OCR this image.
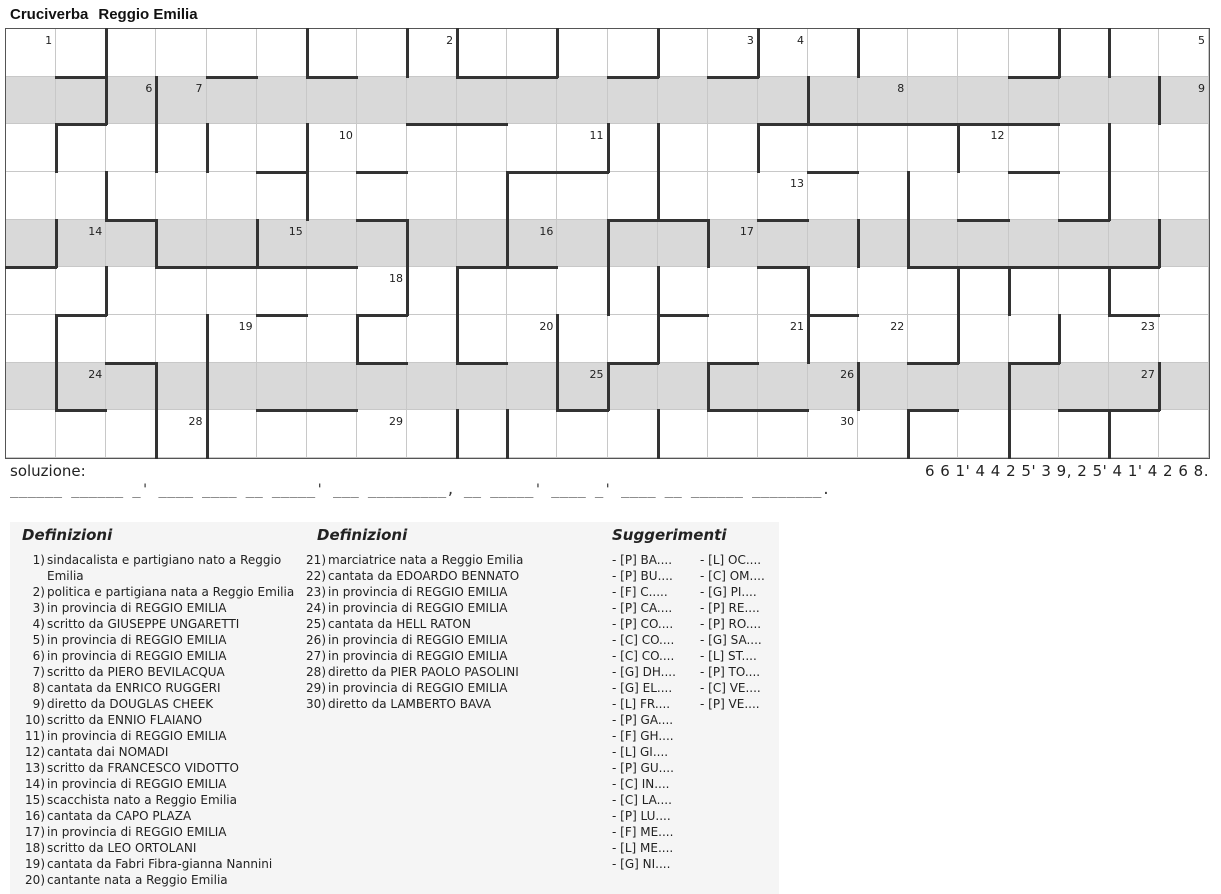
Cruciverba Reggio Emilia
1	2	3	4	5
6	7	8	9
10	11	12
13
14	15	16	17
18
19	20	21	22	23
24	25	26	27
28	29	30
soluzione:	6 6 1' 4 4 2 5' 3 9, 2 5' 4 1' 4 2 6 8.
______ ______ _' ____ ____ __ _____' ___ _________, __ _____' ____ _' ____ __ ______ ________.
Definizioni
1) sindacalista e partigiano nato a Reggio Emilia
2) politica e partigiana nata a Reggio Emilia
3) in provincia di REGGIO EMILIA
4) scritto da GIUSEPPE UNGARETTI
5) in provincia di REGGIO EMILIA
6) in provincia di REGGIO EMILIA
7) scritto da PIERO BEVILACQUA
8) cantata da ENRICO RUGGERI
9) diretto da DOUGLAS CHEEK
10) scritto da ENNIO FLAIANO
11) in provincia di REGGIO EMILIA
12) cantata dai NOMADI
13) scritto da FRANCESCO VIDOTTO
14) in provincia di REGGIO EMILIA
15) scacchista nato a Reggio Emilia
16) cantata da CAPO PLAZA
17) in provincia di REGGIO EMILIA
18) scritto da LEO ORTOLANI
19) cantata da Fabri Fibra-gianna Nannini
20) cantante nata a Reggio Emilia
Definizioni
21) marciatrice nata a Reggio Emilia
22) cantata da EDOARDO BENNATO
23) in provincia di REGGIO EMILIA
24) in provincia di REGGIO EMILIA
25) cantata da HELL RATON
26) in provincia di REGGIO EMILIA
27) in provincia di REGGIO EMILIA
28) diretto da PIER PAOLO PASOLINI
29) in provincia di REGGIO EMILIA
30) diretto da LAMBERTO BAVA
Suggerimenti
- [P] BA....
- [P] BU....
- [F] C.....
- [P] CA....
- [P] CO....
- [C] CO....
- [C] CO....
- [G] DH....
- [G] EL....
- [L] FR....
- [P] GA....
- [F] GH....
- [L] GI....
- [P] GU....
- [C] IN....
- [C] LA....
- [P] LU....
- [F] ME....
- [L] ME....
- [G] NI....
- [L] OC....
- [C] OM....
- [G] PI....
- [P] RE....
- [P] RO....
- [G] SA....
- [L] ST....
- [P] TO....
- [C] VE....
- [P] VE....
